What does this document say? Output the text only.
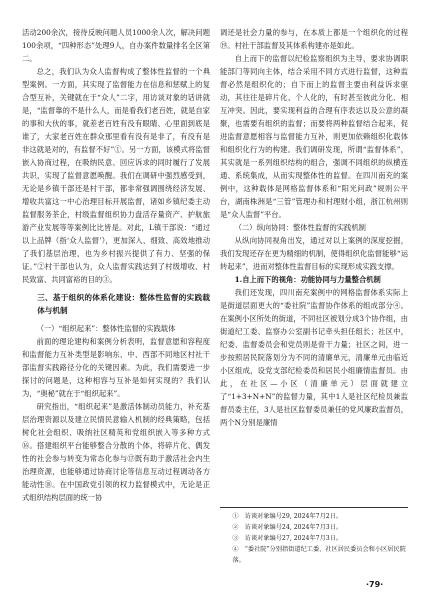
活动200余次，接待反映问题人员1000余人次，解决问题100余项，“四种形态”处理9人，自办案件数量排名全区第二。

总之，我们认为众人监督构成了整体性监督的一个典型案例。一方面，其实现了监督能力在信息和惩赋上的复合型互补，关键就在于“众人”二字，用访谈对象的话讲就是，“监督靠的不是什么人，而是看我们老百姓，就是自家的事和大伙的事，就差老百姓有没有眼睛、心里面到底是谁了，大家老百姓在群众那里看有没有是非了，有没有是非这就是对的，有监督不好”①。另一方面，该模式将监督嵌入协商过程，在吸纳民意、回应诉求的同时履行了发展共识，实现了监督意愿唤醒。我们在调研中强烈感受到，无论是乡镇干部还是村干部，都非常强调围绕经济发展、增收共富这一中心治理目标开展监督，诸如乡镇纪委主动监督服务茶企，村级监督组织协力盘活存量资产、护航旅游产业发展等等案例比比皆是。对此，L镇干部说：“通过以上品牌（指‘众人监督’），更加深入、细致、高效地推动了我们基层治理，也为乡村振兴提供了有力、坚强的保证。”②村干部也认为，众人监督实践达到了村级增收、村民致富、共同富裕的目的③。

三、基于组织的体系化建设：整体性监督的实践载体与机制
（一）“组织起来”：整体性监督的实践载体

前面的理论建构和案例分析表明，监督意愿和容程度和监督能力互补类型是影响东、中、西部不同地区村社干部监督实践路径分化的关键因素。为此，我们需要进一步探讨的问题是，这种相容与互补是如何实现的？我们认为，“奥秘”就在于“组织起来”。

研究指出，“组织起来”是激活体制动员能力，补充基层治理资源以及建立民情民意输入机制的经典策略，包括树化社会组织、吸纳社区精英和党组织嵌入等多种方式⑯。搭建组织平台能够整合分散的个体，将碎片化、偶发性的社会参与转变为常态化参与⑰既有助于激活社会内生治理资源，也能够通过协商讨论等信息互动过程调动各方能动性⑱。在中国政党引领的权力监督模式中，无论是正式组织结构层面的统一协

调还是社会力量的参与，在本质上都是一个组织化的过程⑲。村社干部监督及其体系构建亦是如此。

自上而下的监督以纪检监察组织为主导，要求协调职能部门等同向主体，结合采用不同方式进行监督，这种监督必然是组织化的；自下而上的监督主要由利益诉求驱动，其往往是碎片化、个人化的，有时甚至彼此分化、相互冲突。因此，要实现利益的合理有序表达以及公意的凝聚，也需要有组织的监督；而要将两种监督结合起来，促进监督意愿相容与监督能力互补，则更加依赖组织化载体和组织化行为的构建。我们调研发现，所谓“监督体系”，其实就是一系列组织结构的组合，强调不同组织的纵横连通、系统集成，从而实现整体性的监督。在四川南充的案例中，这种载体是网格监督体系和“阳光问政”规则公平台，湖南株洲是“三管”管理办和村理财小组，浙江杭州则是“众人监督”平台。

（二）纵向协同：整体性监督的实践机制

从纵向协同视角出发，通过对以上案例的深度挖掘，我们发现还存在更为精细的机制，使得组织化监督能够“运转起来”，进而对整体性监督目标的实现形成实践支撑。

1.自上而下的视角：功能协同与力量整合机制

我们还发现，四川南充案例中的网格监督体系实际上是街道层面更大的“委社院”监督协作体系的组成部分④。在案例小区所处的街道，不同社区被划分成3个协作组，由街道纪工委、监察办公室副书记牵头担任组长；社区中，纪委、监督委员会和党员则是骨干力量；社区之间，进一步按照居民院落划分为不同的清廉单元，清廉单元由临近小区组成，设党支部纪检委员和居民小组廉情监督员。由此，在社区—小区（清廉单元）层面就建立了“1+3+N+N”的监督力量，其中1人是社区纪检员兼监督员委主任，3人是社区监督委员兼任的党风廉政监督员，两个N分别是廉情

①　访谈对象编号29, 2024年7月2日。
②　访谈对象编号24, 2024年7月3日。
③　访谈对象编号27, 2024年7月3日。
④　“委社院”分别指街道纪工委、社区居民委员会和小区居民院落。
·79·
